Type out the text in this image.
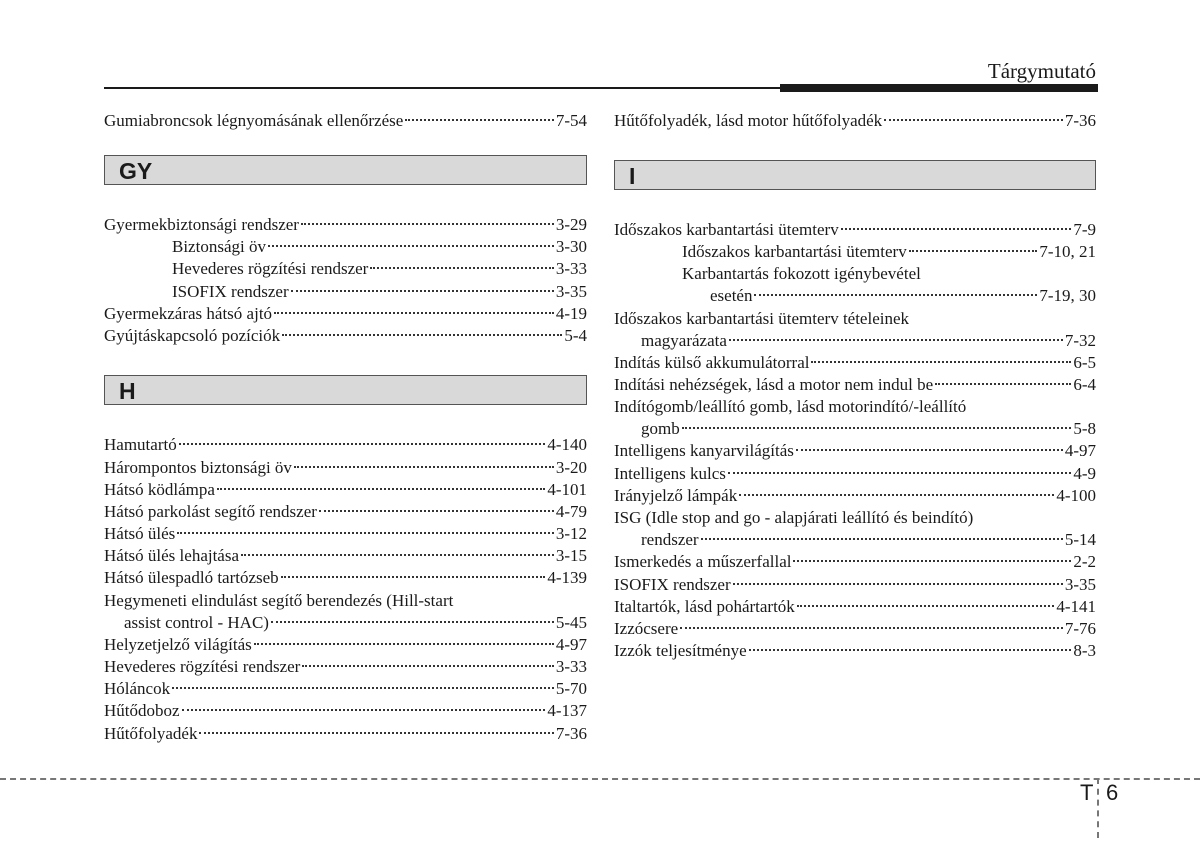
Tárgymutató
Gumiabroncsok légnyomásának ellenőrzése	7-54
GY
Gyermekbiztonsági rendszer	3-29
Biztonsági öv	3-30
Hevederes rögzítési rendszer	3-33
ISOFIX rendszer	3-35
Gyermekzáras hátsó ajtó	4-19
Gyújtáskapcsoló pozíciók	5-4
H
Hamutartó	4-140
Hárompontos biztonsági öv	3-20
Hátsó ködlámpa	4-101
Hátsó parkolást segítő rendszer	4-79
Hátsó ülés	3-12
Hátsó ülés lehajtása	3-15
Hátsó ülespadló tartózseb	4-139
Hegymeneti elindulást segítő berendezés (Hill-start
assist control - HAC)	5-45
Helyzetjelző világítás	4-97
Hevederes rögzítési rendszer	3-33
Hóláncok	5-70
Hűtődoboz	4-137
Hűtőfolyadék	7-36
Hűtőfolyadék, lásd motor hűtőfolyadék	7-36
I
Időszakos karbantartási ütemterv	7-9
Időszakos karbantartási ütemterv	7-10, 21
Karbantartás fokozott igénybevétel
esetén	7-19, 30
Időszakos karbantartási ütemterv tételeinek
magyarázata	7-32
Indítás külső akkumulátorral	6-5
Indítási nehézségek, lásd a motor nem indul be	6-4
Indítógomb/leállító gomb, lásd motorindító/-leállító
gomb	5-8
Intelligens kanyarvilágítás	4-97
Intelligens kulcs	4-9
Irányjelző lámpák	4-100
ISG (Idle stop and go - alapjárati leállító és beindító)
rendszer	5-14
Ismerkedés a műszerfallal	2-2
ISOFIX rendszer	3-35
Italtartók, lásd pohártartók	4-141
Izzócsere	7-76
Izzók teljesítménye	8-3
T 6
